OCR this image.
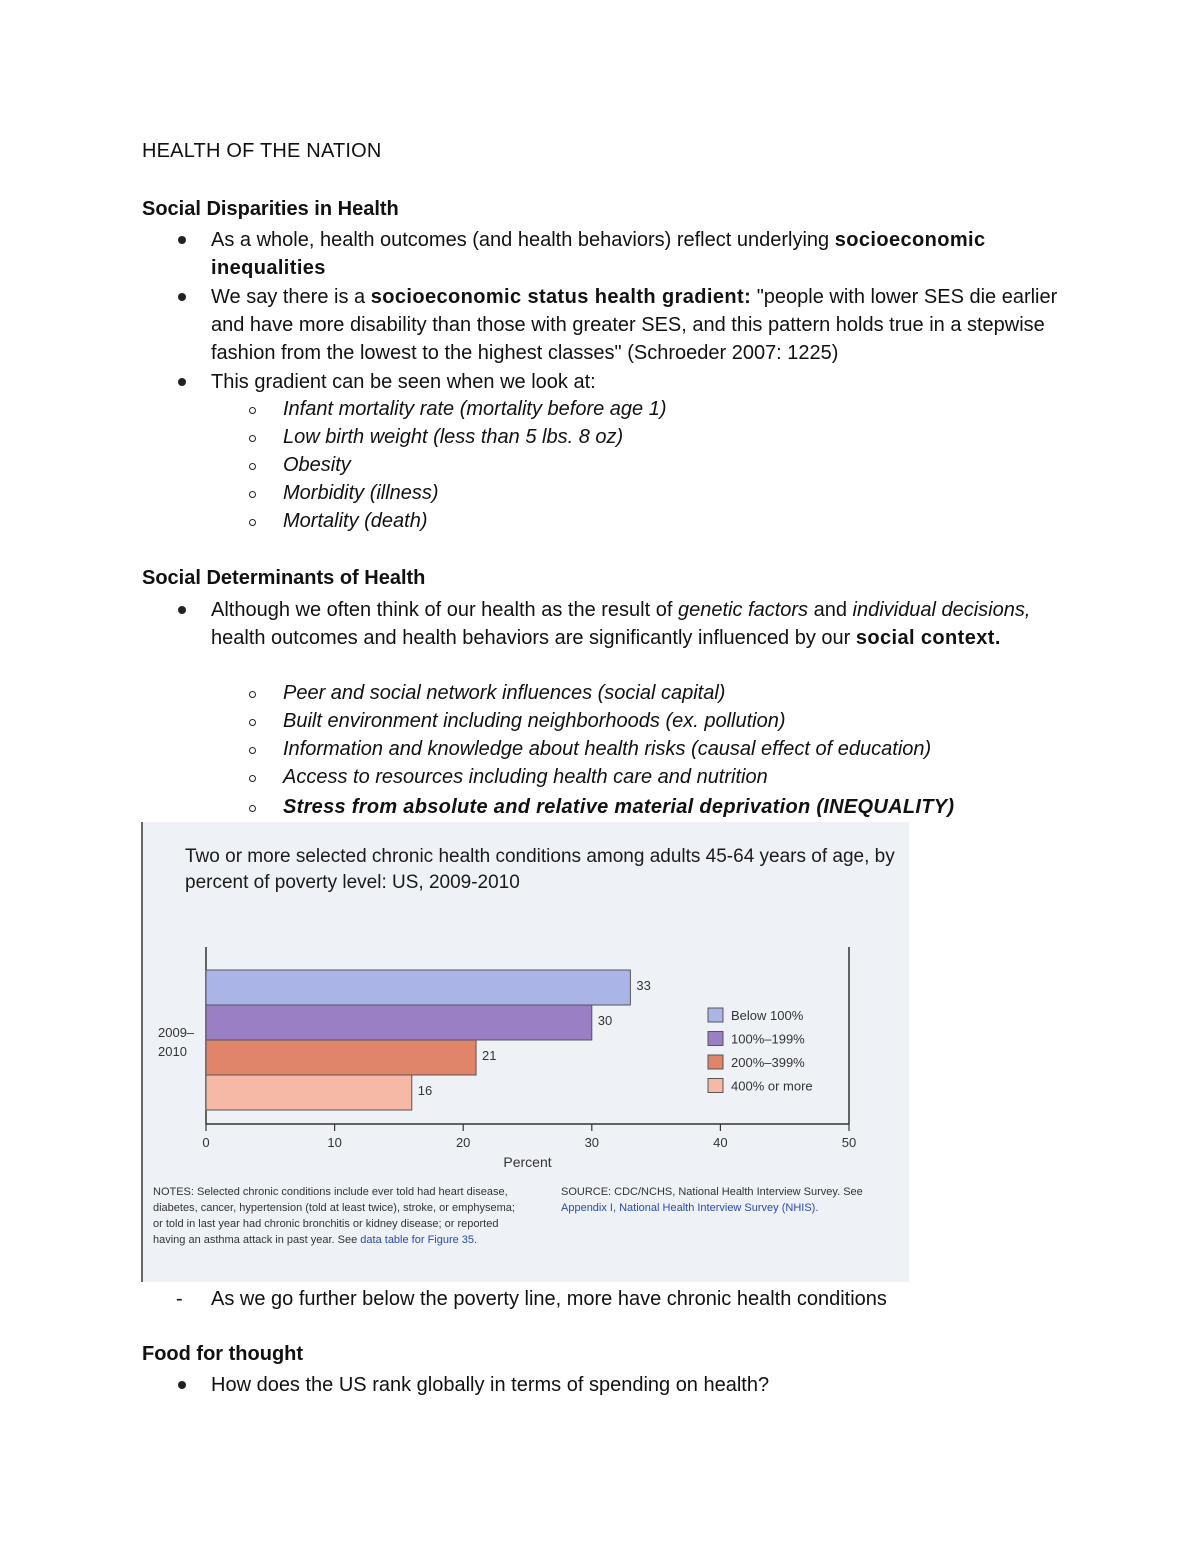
HEALTH OF THE NATION
Social Disparities in Health
As a whole, health outcomes (and health behaviors) reflect underlying socioeconomic inequalities
We say there is a socioeconomic status health gradient: "people with lower SES die earlier and have more disability than those with greater SES, and this pattern holds true in a stepwise fashion from the lowest to the highest classes" (Schroeder 2007: 1225)
This gradient can be seen when we look at:
Infant mortality rate (mortality before age 1)
Low birth weight (less than 5 lbs. 8 oz)
Obesity
Morbidity (illness)
Mortality (death)
Social Determinants of Health
Although we often think of our health as the result of genetic factors and individual decisions, health outcomes and health behaviors are significantly influenced by our social context.
Peer and social network influences (social capital)
Built environment including neighborhoods (ex. pollution)
Information and knowledge about health risks (causal effect of education)
Access to resources including health care and nutrition
Stress from absolute and relative material deprivation (INEQUALITY)
Two or more selected chronic health conditions among adults 45-64 years of age, by percent of poverty level: US, 2009-2010
33
30
21
16
2009–
2010
0	10	20	30	40	50
Percent
Below 100%
100%–199%
200%–399%
400% or more
NOTES: Selected chronic conditions include ever told had heart disease, diabetes, cancer, hypertension (told at least twice), stroke, or emphysema; or told in last year had chronic bronchitis or kidney disease; or reported having an asthma attack in past year. See data table for Figure 35.
SOURCE: CDC/NCHS, National Health Interview Survey. See Appendix I, National Health Interview Survey (NHIS).
- As we go further below the poverty line, more have chronic health conditions
Food for thought
How does the US rank globally in terms of spending on health?
